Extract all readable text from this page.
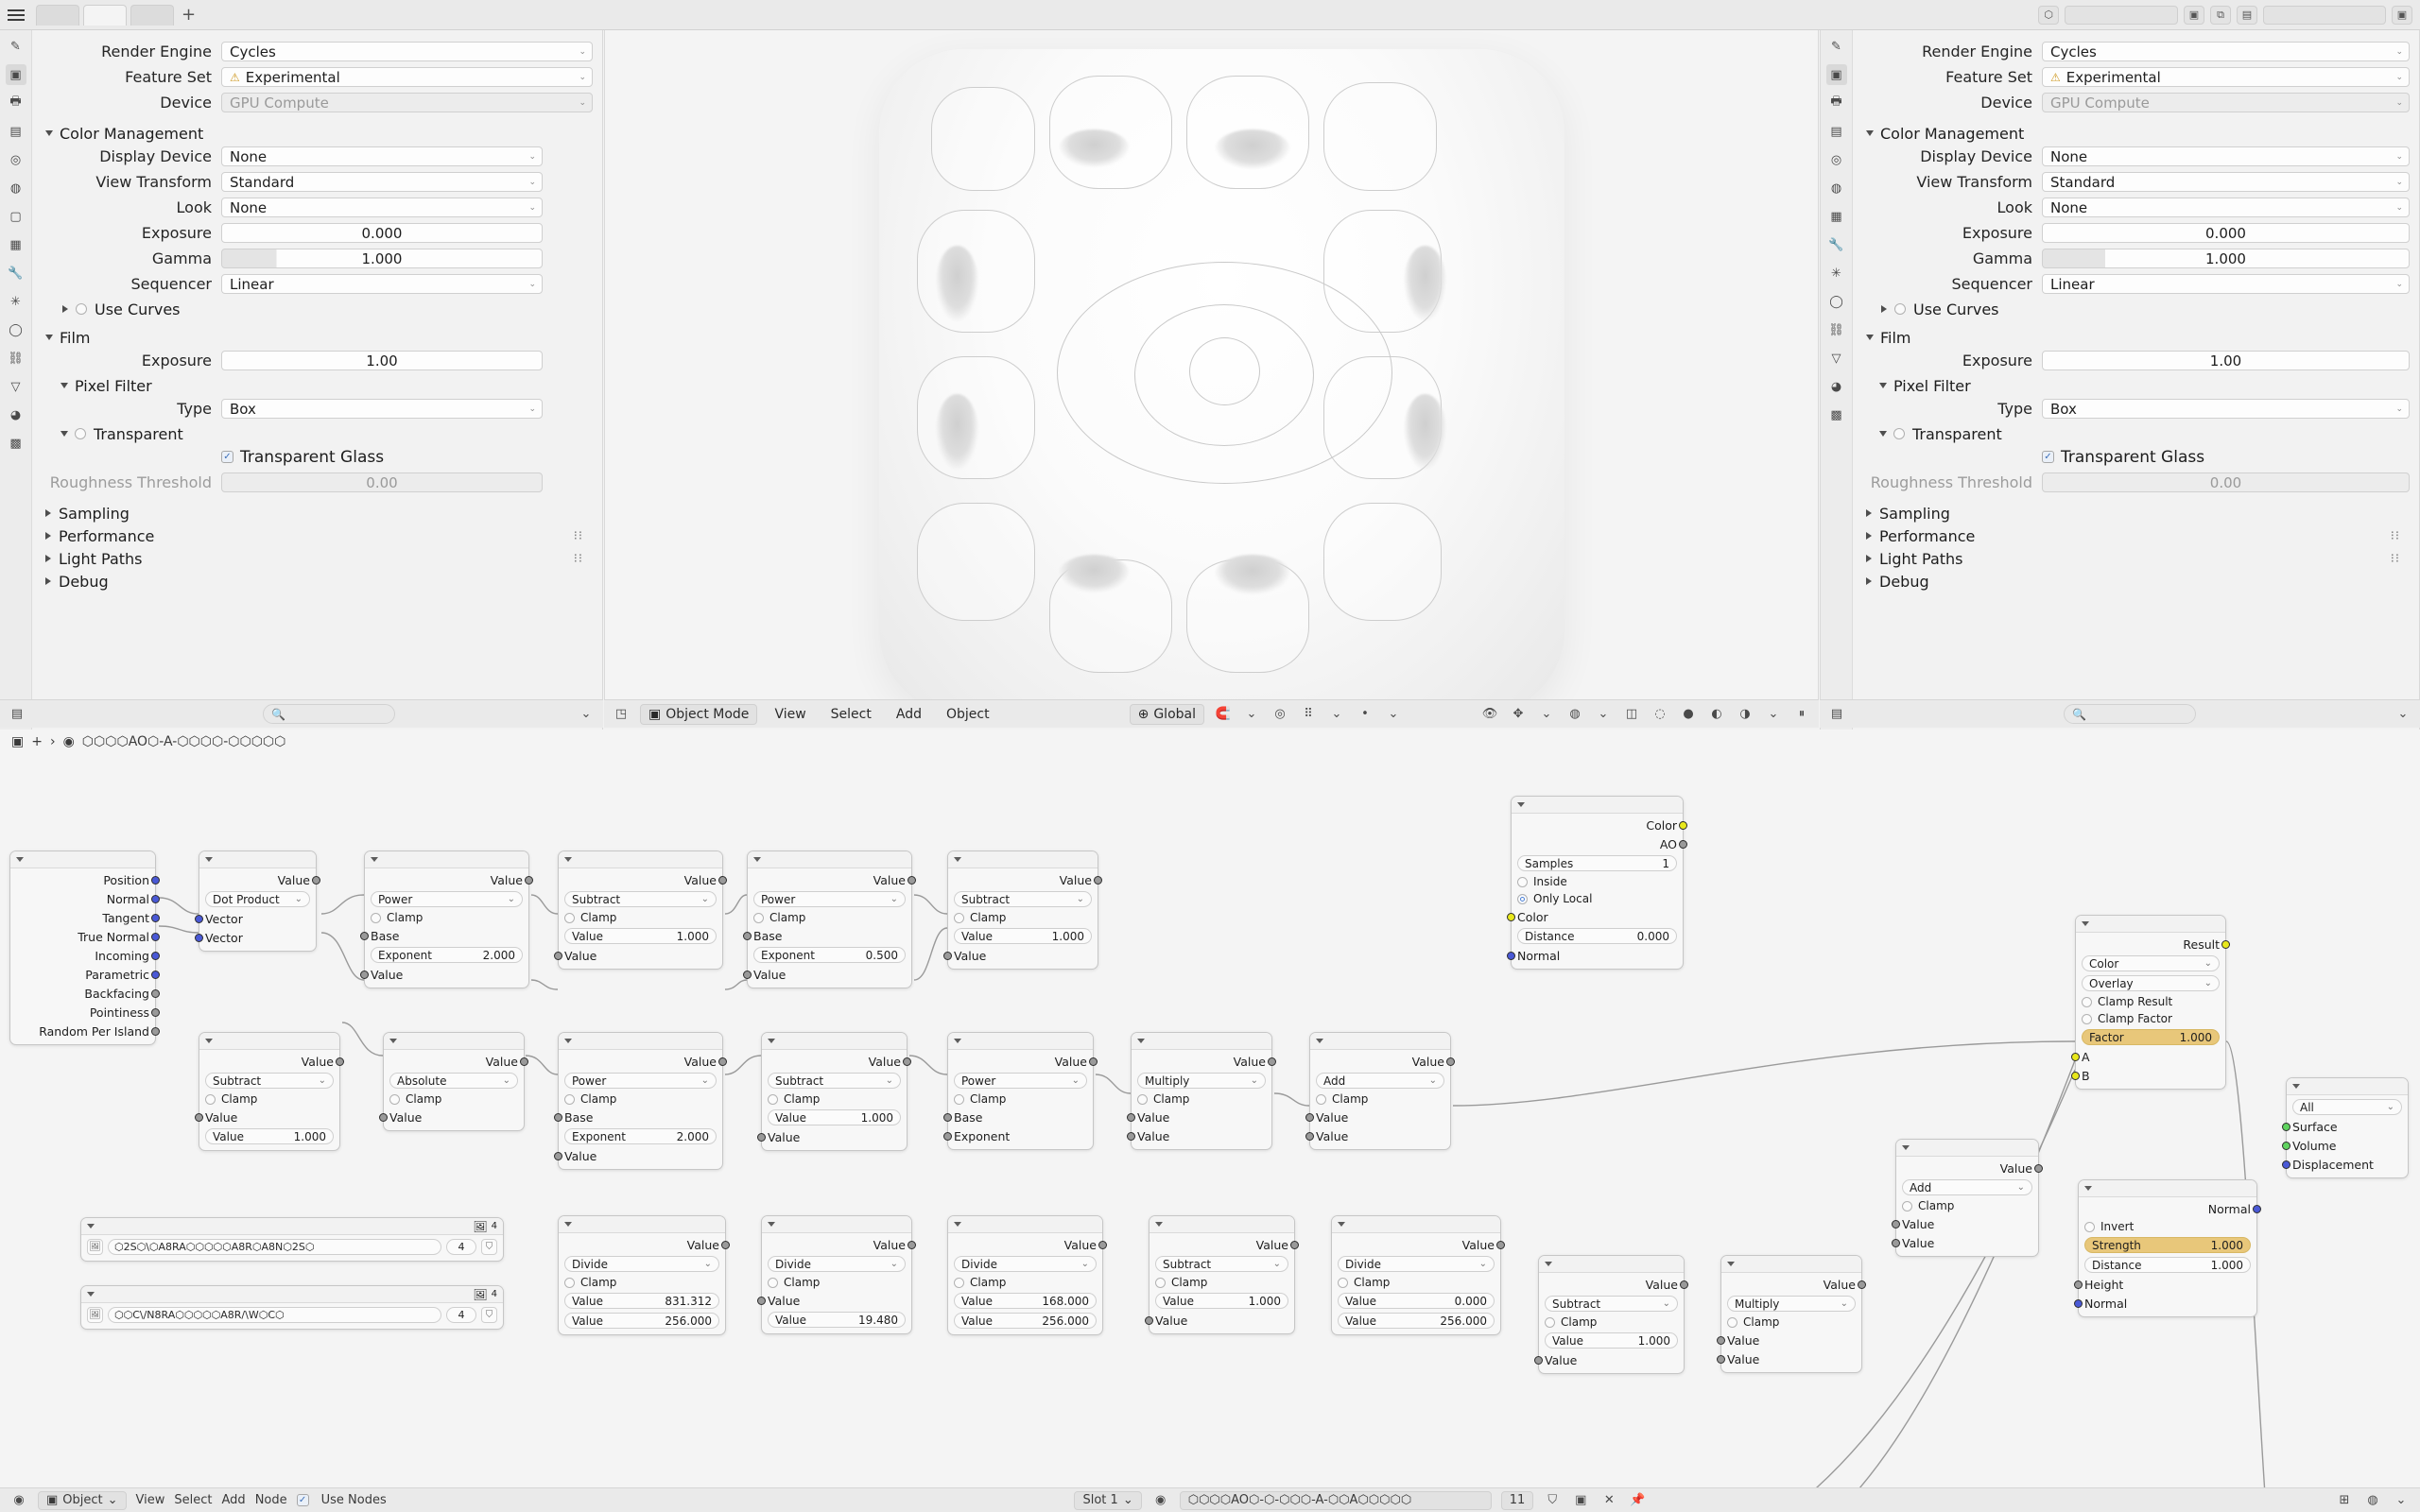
+	⬡	▣	⧉	▤	▣
✎
▣
🖶
▤
◎
◍
▢
▦
🔧
✳
◯
⛓
▽
◕
▩
Render Engine	Cycles	⌄
Feature Set	⚠ Experimental	⌄
Device	GPU Compute	⌄
Color Management
Display Device	None	⌄
View Transform	Standard	⌄
Look	None	⌄
Exposure	0.000
Gamma	1.000
Sequencer	Linear	⌄
Use Curves
Film
Exposure	1.00
Pixel Filter
Type	Box	⌄
Transparent
✓ Transparent Glass
Roughness Threshold	0.00
Sampling
Performance	⁝⁝
Light Paths	⁝⁝
Debug
▤	🔍	⌄	◳ ▣ Object Mode	View	Select	Add	Object	⊕ Global 🧲	⌄	◎	⠿	⌄	•	⌄	👁	✥	⌄	◍	⌄	◫	◌	●	◐	◑	⌄	⏸
✎
▣
🖶
▤
◎
◍
▦
🔧
✳
◯
⛓
▽
◕
▩
Render Engine	Cycles	⌄
Feature Set	⚠ Experimental	⌄
Device	GPU Compute	⌄
Color Management
Display Device	None	⌄
View Transform	Standard	⌄
Look	None	⌄
Exposure	0.000
Gamma	1.000
Sequencer	Linear	⌄
Use Curves
Film
Exposure	1.00
Pixel Filter
Type	Box	⌄
Transparent
✓ Transparent Glass
Roughness Threshold	0.00
Sampling
Performance	⁝⁝
Light Paths	⁝⁝
Debug
▤	🔍	⌄
▣ + › ◉ ⬡⬡⬡⬡AO⬡-A-⬡⬡⬡⬡-⬡⬡⬡⬡⬡
Position
Normal
Tangent
True Normal
Incoming
Parametric
Backfacing
Pointiness
Random Per Island
Value
Dot Product
⌄
Vector
Vector
Value
Power
⌄
Clamp
Base
Exponent	2.000
Value
Value
Subtract
⌄
Clamp
Value	1.000
Value
Value
Power
⌄
Clamp
Base
Exponent	0.500
Value
Value
Subtract
⌄
Clamp
Value	1.000
Value
Color
AO
Samples	1
Inside
Only Local
Color
Distance	0.000
Normal
Value
Subtract
⌄
Clamp
Value
Value	1.000
Value
Absolute
⌄
Clamp
Value
Value
Power
⌄
Clamp
Base
Exponent	2.000
Value
Value
Subtract
⌄
Clamp
Value	1.000
Value
Value
Power
⌄
Clamp
Base
Exponent
Value
Multiply
⌄
Clamp
Value
Value
Value
Add
⌄
Clamp
Value
Value
Result
Color
⌄
Overlay
⌄
Clamp Result
Clamp Factor
Factor	1.000
A
B
Value
Add
⌄
Clamp
Value
Value
Normal
Invert
Strength	1.000
Distance	1.000
Height
Normal
All
⌄
Surface
Volume
Displacement
🖼 4
🖼	⬡2S⬡\⬡A8RA⬡⬡⬡⬡⬡A8R⬡A8N⬡2S⬡	4	⛉
🖼 4
🖼	⬡⬡C\/N8RA⬡⬡⬡⬡⬡A8R/\W⬡C⬡	4	⛉
Value
Divide
⌄
Clamp
Value	831.312
Value	256.000
Value
Divide
⌄
Clamp
Value
Value	19.480
Value
Divide
⌄
Clamp
Value	168.000
Value	256.000
Value
Subtract
⌄
Clamp
Value	1.000
Value
Value
Divide
⌄
Clamp
Value	0.000
Value	256.000
Value
Subtract
⌄
Clamp
Value	1.000
Value
Value
Multiply
⌄
Clamp
Value
Value
◉	▣ Object ⌄ View Select Add Node ✓ Use Nodes	Slot 1 ⌄	◉	⬡⬡⬡⬡AO⬡-⬡-⬡⬡⬡-A-⬡⬡A⬡⬡⬡⬡⬡	11	⛉	▣	✕	📌	⊞	◍	⌄
